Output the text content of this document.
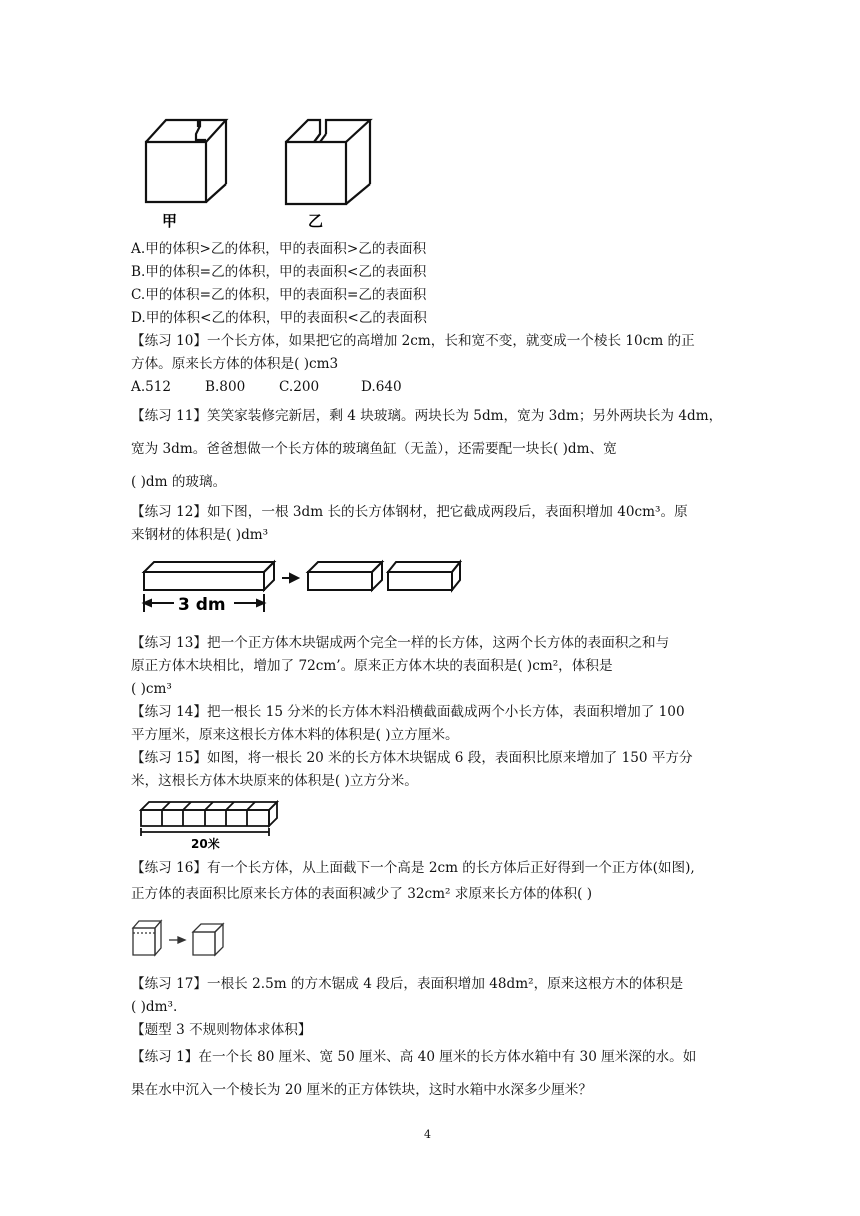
甲	乙
A.甲的体积>乙的体积，甲的表面积>乙的表面积
B.甲的体积=乙的体积，甲的表面积<乙的表面积
C.甲的体积=乙的体积，甲的表面积=乙的表面积
D.甲的体积<乙的体积，甲的表面积<乙的表面积
【练习 10】一个长方体，如果把它的高增加 2cm，长和宽不变，就变成一个棱长 10cm 的正
方体。原来长方体的体积是( )cm3
A.512 B.800 C.200	D.640
【练习 11】笑笑家装修完新居，剩 4 块玻璃。两块长为 5dm，宽为 3dm；另外两块长为 4dm，
宽为 3dm。爸爸想做一个长方体的玻璃鱼缸（无盖），还需要配一块长( )dm、宽
( )dm 的玻璃。
【练习 12】如下图，一根 3dm 长的长方体钢材，把它截成两段后，表面积增加 40cm³。原
来钢材的体积是( )dm³
3 dm
【练习 13】把一个正方体木块锯成两个完全一样的长方体，这两个长方体的表面积之和与
原正方体木块相比，增加了 72cm’。原来正方体木块的表面积是( )cm²，体积是
( )cm³
【练习 14】把一根长 15 分米的长方体木料沿横截面截成两个小长方体，表面积增加了 100
平方厘米，原来这根长方体木料的体积是( )立方厘米。
【练习 15】如图，将一根长 20 米的长方体木块锯成 6 段，表面积比原来增加了 150 平方分
米，这根长方体木块原来的体积是( )立方分米。
20米
【练习 16】有一个长方体，从上面截下一个高是 2cm 的长方体后正好得到一个正方体(如图),
正方体的表面积比原来长方体的表面积减少了 32cm² 求原来长方体的体积( )
【练习 17】一根长 2.5m 的方木锯成 4 段后，表面积增加 48dm²，原来这根方木的体积是
( )dm³.
【题型 3 不规则物体求体积】
【练习 1】在一个长 80 厘米、宽 50 厘米、高 40 厘米的长方体水箱中有 30 厘米深的水。如
果在水中沉入一个棱长为 20 厘米的正方体铁块，这时水箱中水深多少厘米？
4
